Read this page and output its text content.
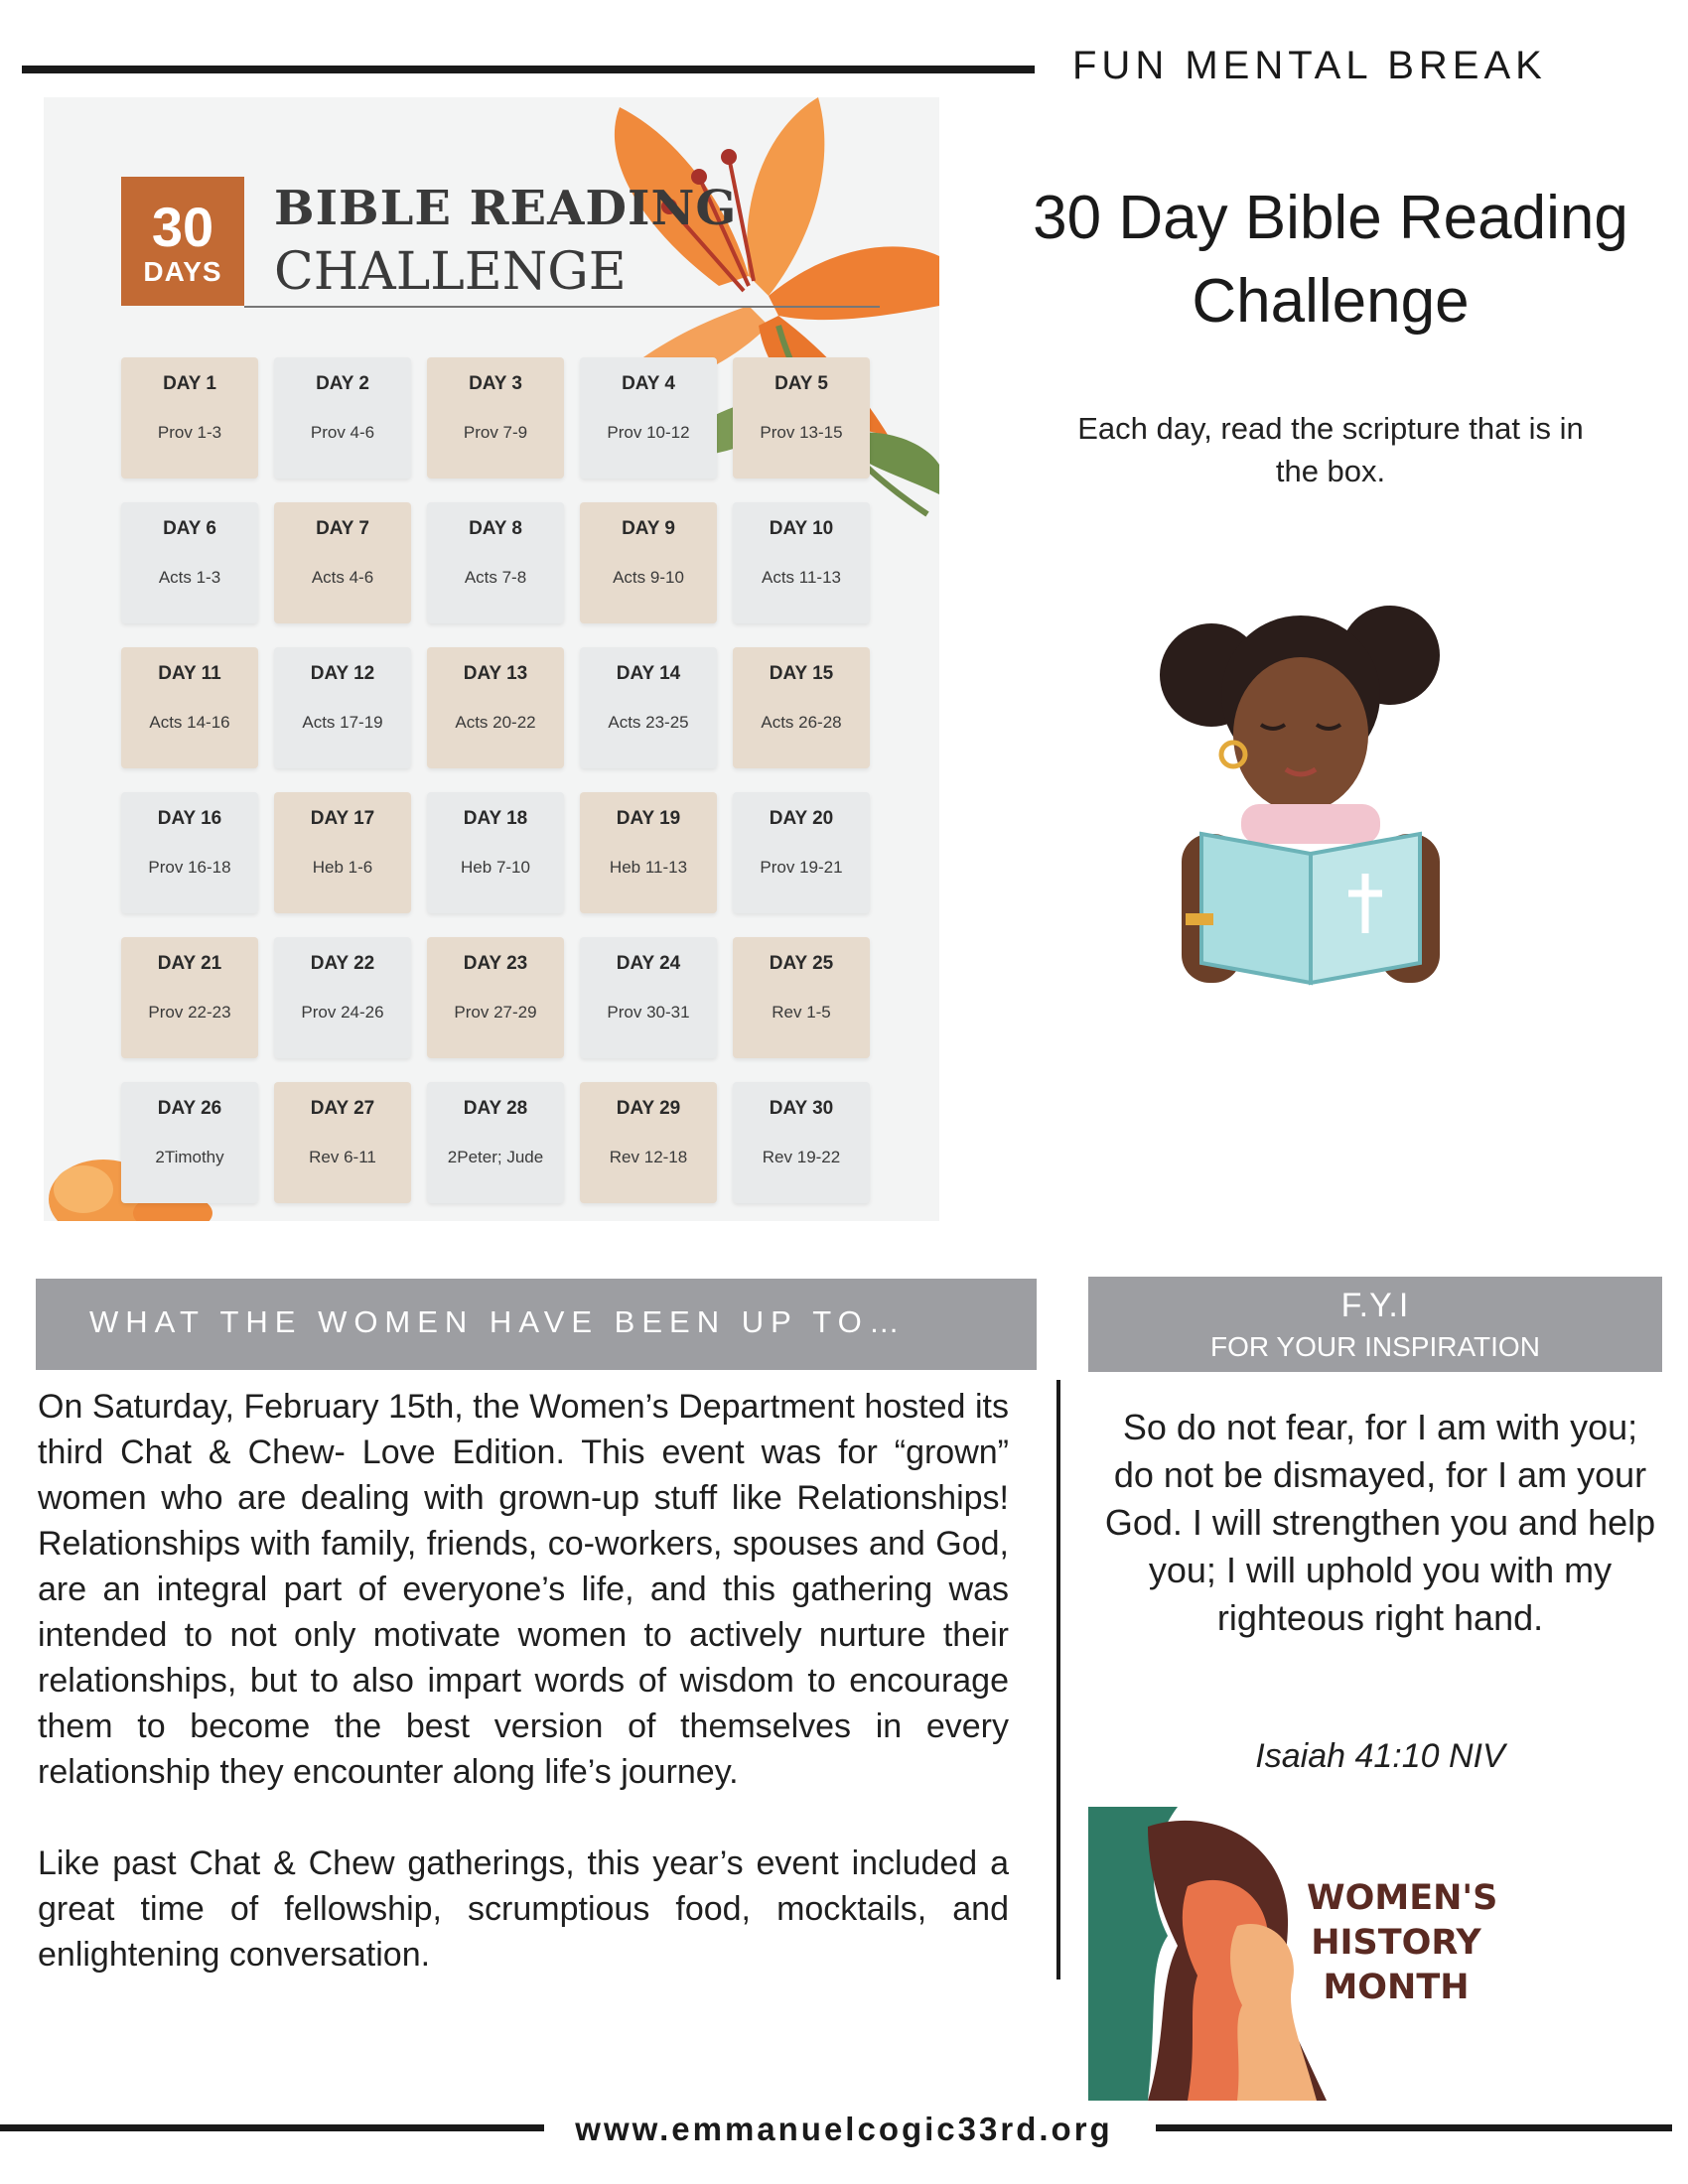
FUN MENTAL BREAK
30
DAYS
BIBLE READING
CHALLENGE
DAY 1
Prov 1-3
DAY 2
Prov 4-6
DAY 3
Prov 7-9
DAY 4
Prov 10-12
DAY 5
Prov 13-15
DAY 6
Acts 1-3
DAY 7
Acts 4-6
DAY 8
Acts 7-8
DAY 9
Acts 9-10
DAY 10
Acts 11-13
DAY 11
Acts 14-16
DAY 12
Acts 17-19
DAY 13
Acts 20-22
DAY 14
Acts 23-25
DAY 15
Acts 26-28
DAY 16
Prov 16-18
DAY 17
Heb 1-6
DAY 18
Heb 7-10
DAY 19
Heb 11-13
DAY 20
Prov 19-21
DAY 21
Prov 22-23
DAY 22
Prov 24-26
DAY 23
Prov 27-29
DAY 24
Prov 30-31
DAY 25
Rev 1-5
DAY 26
2Timothy
DAY 27
Rev 6-11
DAY 28
2Peter; Jude
DAY 29
Rev 12-18
DAY 30
Rev 19-22
30 Day Bible Reading Challenge
Each day, read the scripture that is in the box.
WHAT THE WOMEN HAVE BEEN UP TO…

On Saturday, February 15th, the Women’s Department hosted its third Chat & Chew- Love Edition. This event was for “grown” women who are dealing with grown-up stuff like Relationships! Relationships with family, friends, co-workers, spouses and God, are an integral part of everyone’s life, and this gathering was intended to not only motivate women to actively nurture their relationships, but to also impart words of wisdom to encourage them to become the best version of themselves in every relationship they encounter along life’s journey.

Like past Chat & Chew gatherings, this year’s event included a great time of fellowship, scrumptious food, mocktails, and enlightening conversation.

F.Y.I
FOR YOUR INSPIRATION
So do not fear, for I am with you; do not be dismayed, for I am your God. I will strengthen you and help you; I will uphold you with my righteous right hand.
Isaiah 41:10 NIV
WOMEN'S
HISTORY
MONTH
www.emmanuelcogic33rd.org
